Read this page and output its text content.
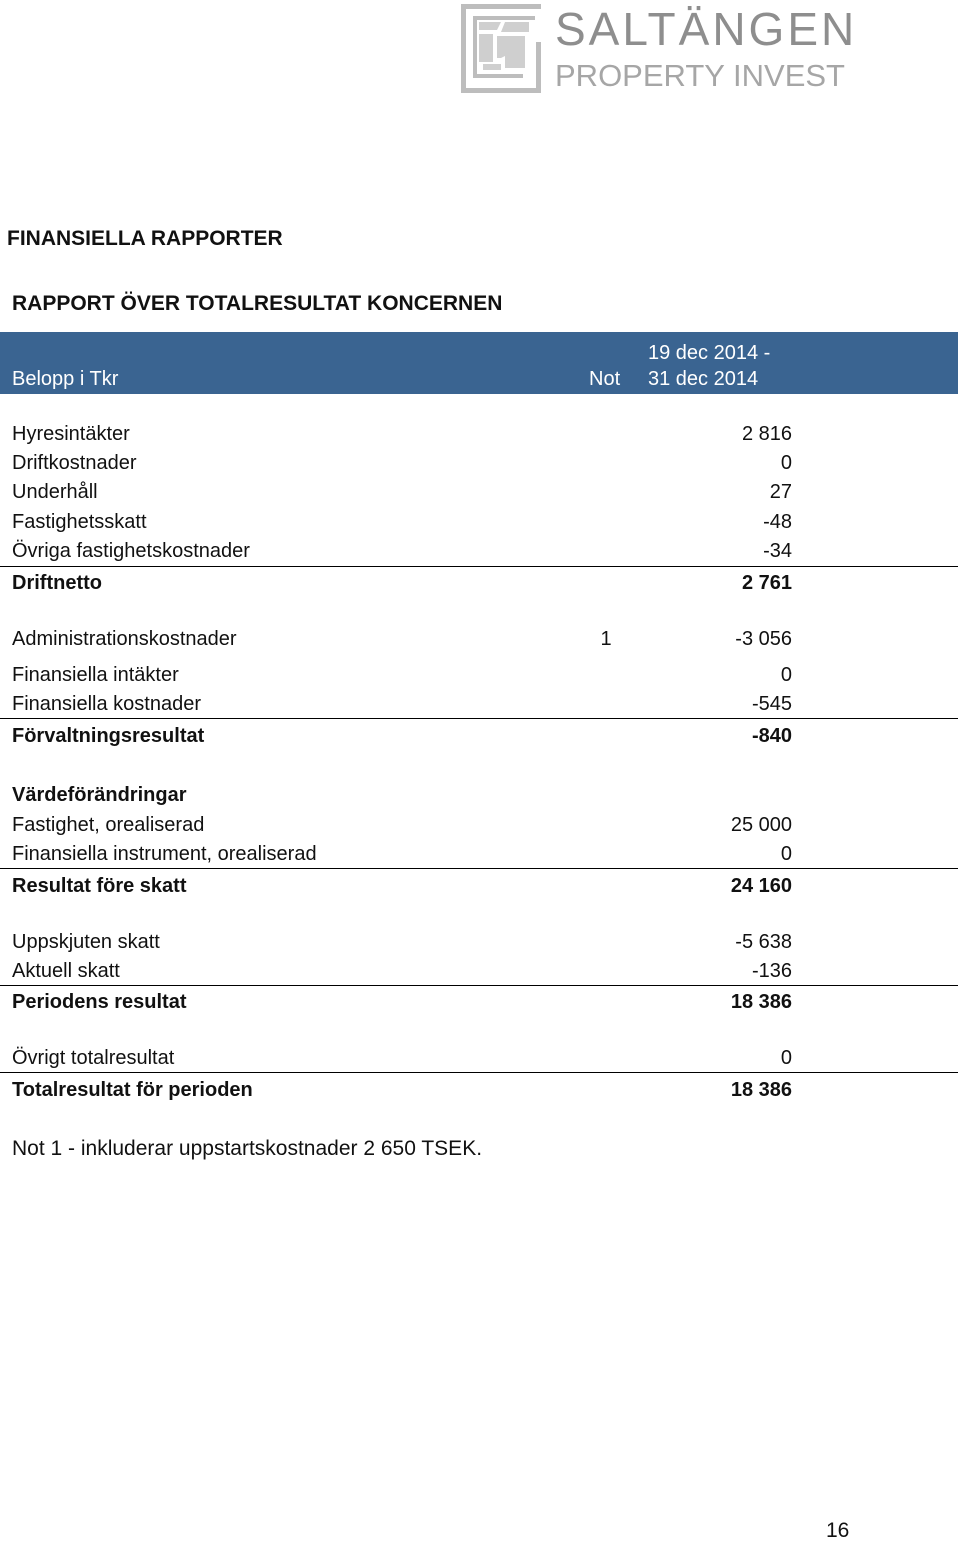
SALTÄNGEN
PROPERTY INVEST
FINANSIELLA RAPPORTER
RAPPORT ÖVER TOTALRESULTAT KONCERNEN
Belopp i Tkr	Not
19 dec 2014 -
31 dec 2014
Hyresintäkter	2 816
Driftkostnader	0
Underhåll	27
Fastighetsskatt	-48
Övriga fastighetskostnader	-34
Driftnetto	2 761
Administrationskostnader	1	-3 056
Finansiella intäkter	0
Finansiella kostnader	-545
Förvaltningsresultat	-840
Värdeförändringar
Fastighet, orealiserad	25 000
Finansiella instrument, orealiserad	0
Resultat före skatt	24 160
Uppskjuten skatt	-5 638
Aktuell skatt	-136
Periodens resultat	18 386
Övrigt totalresultat	0
Totalresultat för perioden	18 386
Not 1 - inkluderar uppstartskostnader 2 650 TSEK.
16
